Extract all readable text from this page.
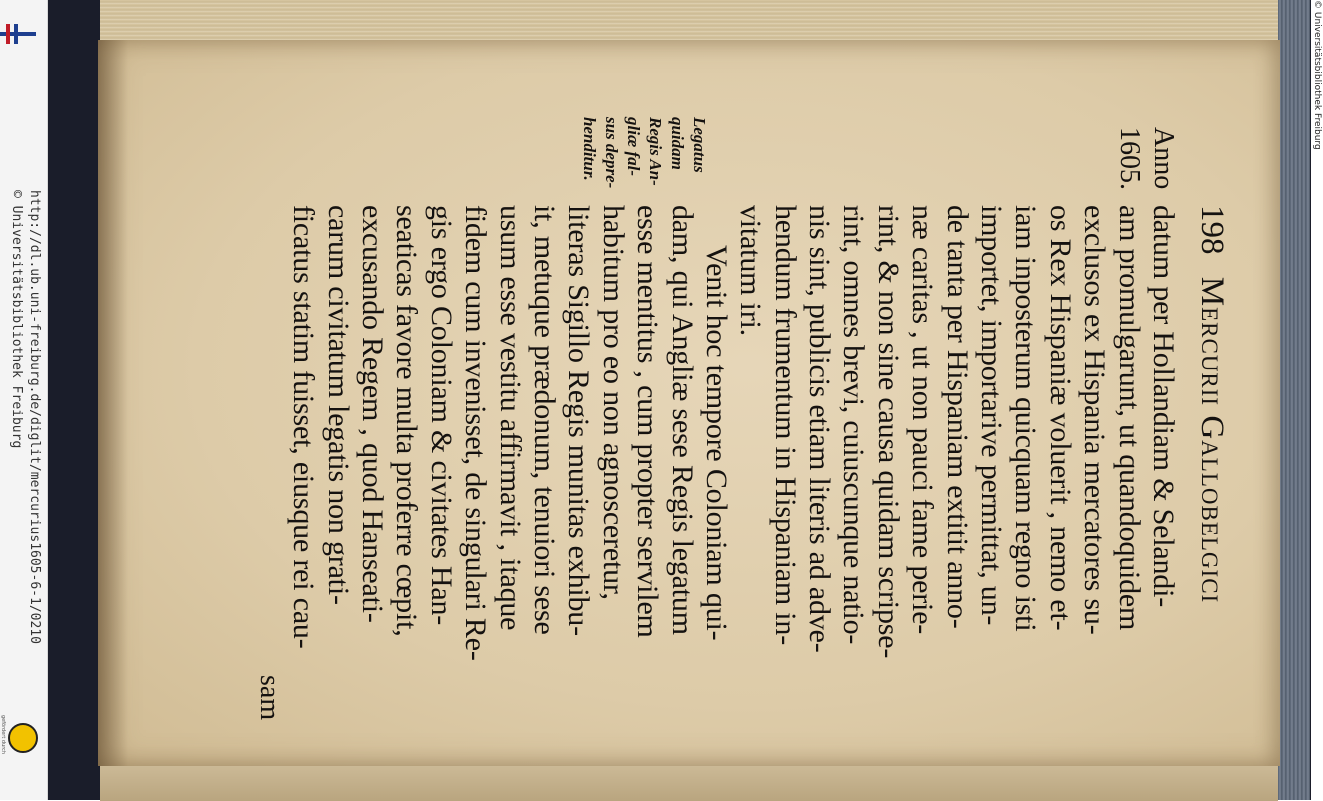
http://dl.ub.uni-freiburg.de/diglit/mercurius1605-6-1/0210
© Universitätsbibliothek Freiburg
gefördert durch
198 Mercurii Gallobelgici
datum per Hollandiam & Selandi-
am promulgarunt, ut quandoquidem
exclusos ex Hispania mercatores su-
os Rex Hispaniæ voluerit , nemo et-
iam inposterum quicquam regno isti
importet, importarive permittat, un-
de tanta per Hispaniam extitit anno-
næ caritas , ut non pauci fame perie-
rint, & non sine causa quidam scripse-
rint, omnes brevi, cuiuscunque natio-
nis sint, publicis etiam literis ad adve-
hendum frumentum in Hispaniam in-
vitatum iri.
Venit hoc tempore Coloniam qui-
dam, qui Angliæ sese Regis legatum
esse mentitus , cum propter servilem
habitum pro eo non agnosceretur,
literas Sigillo Regis munitas exhibu-
it, metuque prædonum, tenuiori sese
usum esse vestitu affirmavit , itaque
fidem cum invenisset, de singulari Re-
gis ergo Coloniam & civitates Han-
seaticas favore multa proferre cœpit,
excusando Regem , quod Hanseati-
carum civitatum legatis non grati-
ficatus statim fuisset, eiusque rei cau-
Anno
1605.
Legatus
quidam
Regis An-
gliæ fal-
sus depre-
henditur.
sam
© Universitätsbibliothek Freiburg
